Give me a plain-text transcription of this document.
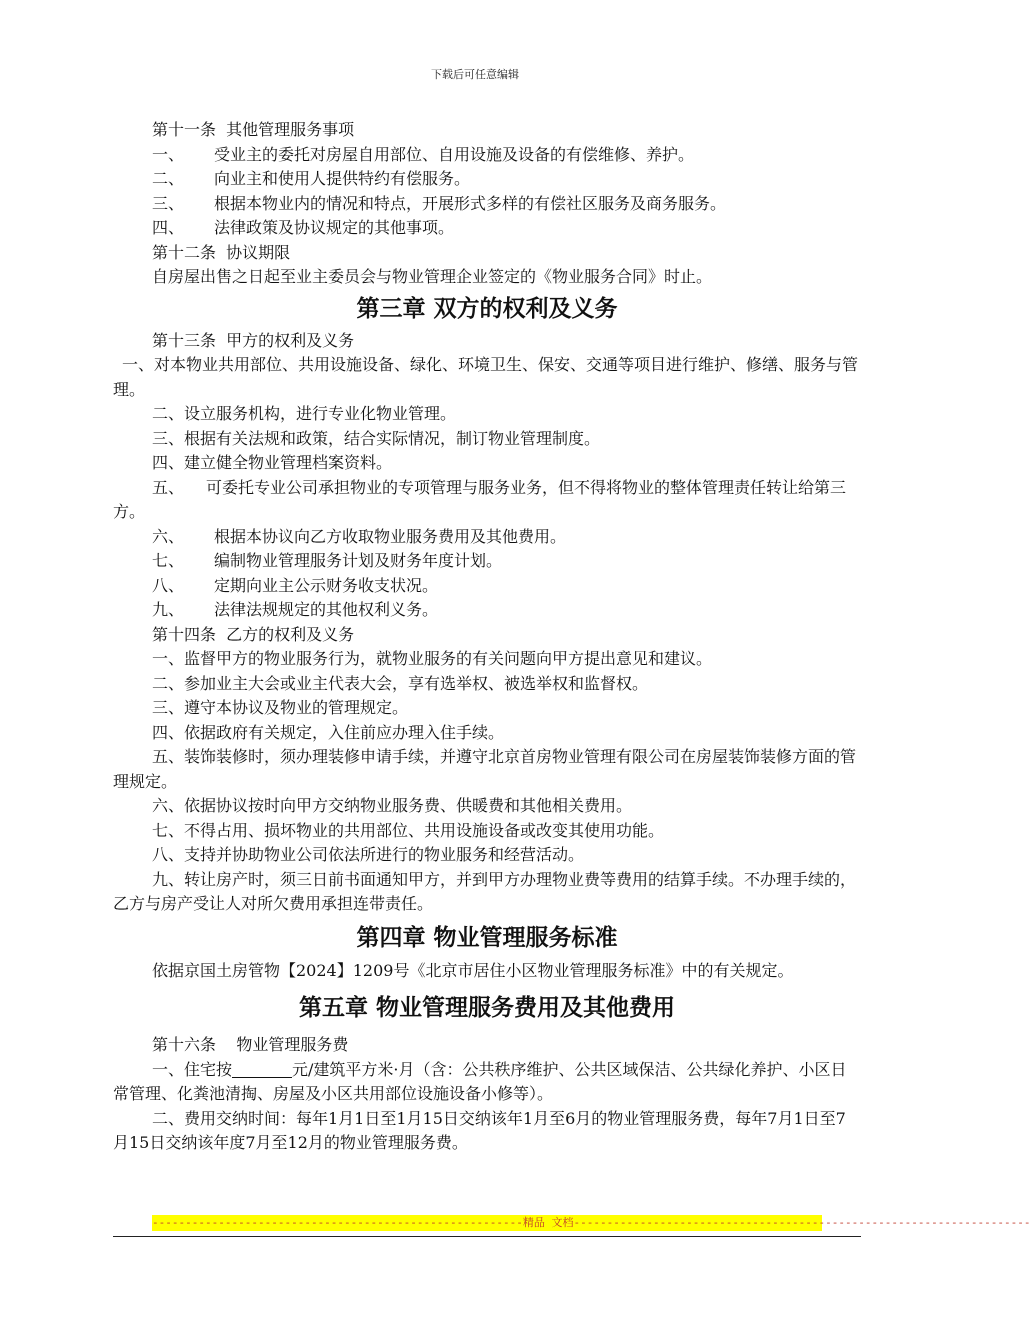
下载后可任意编辑

第十一条  其他管理服务事项

一、 受业主的委托对房屋自用部位、自用设施及设备的有偿维修、养护。

二、 向业主和使用人提供特约有偿服务。

三、 根据本物业内的情况和特点，开展形式多样的有偿社区服务及商务服务。

四、 法律政策及协议规定的其他事项。

第十二条  协议期限

自房屋出售之日起至业主委员会与物业管理企业签定的《物业服务合同》时止。

第三章 双方的权利及义务

第十三条  甲方的权利及义务

一、对本物业共用部位、共用设施设备、绿化、环境卫生、保安、交通等项目进行维护、修缮、服务与管理。

二、设立服务机构，进行专业化物业管理。

三、根据有关法规和政策，结合实际情况，制订物业管理制度。

四、建立健全物业管理档案资料。

五、 可委托专业公司承担物业的专项管理与服务业务，但不得将物业的整体管理责任转让给第三方。

六、 根据本协议向乙方收取物业服务费用及其他费用。

七、 编制物业管理服务计划及财务年度计划。

八、 定期向业主公示财务收支状况。

九、 法律法规规定的其他权利义务。

第十四条  乙方的权利及义务

一、监督甲方的物业服务行为，就物业服务的有关问题向甲方提出意见和建议。

二、参加业主大会或业主代表大会，享有选举权、被选举权和监督权。

三、遵守本协议及物业的管理规定。

四、依据政府有关规定，入住前应办理入住手续。

五、装饰装修时，须办理装修申请手续，并遵守北京首房物业管理有限公司在房屋装饰装修方面的管理规定。

六、依据协议按时向甲方交纳物业服务费、供暖费和其他相关费用。

七、不得占用、损坏物业的共用部位、共用设施设备或改变其使用功能。

八、支持并协助物业公司依法所进行的物业服务和经营活动。

九、转让房产时，须三日前书面通知甲方，并到甲方办理物业费等费用的结算手续。不办理手续的，乙方与房产受让人对所欠费用承担连带责任。

第四章 物业管理服务标准

依据京国土房管物【2024】1209号《北京市居住小区物业管理服务标准》中的有关规定。

第五章 物业管理服务费用及其他费用

第十六条    物业管理服务费

一、住宅按	元/建筑平方米·月（含：公共秩序维护、公共区域保洁、公共绿化养护、小区日常管理、化粪池清掏、房屋及小区共用部位设施设备小修等）。

二、费用交纳时间：每年1月1日至1月15日交纳该年1月至6月的物业管理服务费，每年7月1日至7月15日交纳该年度7月至12月的物业管理服务费。

--------------------------------------------------------精品 文档---------------------------------------------------------------------
